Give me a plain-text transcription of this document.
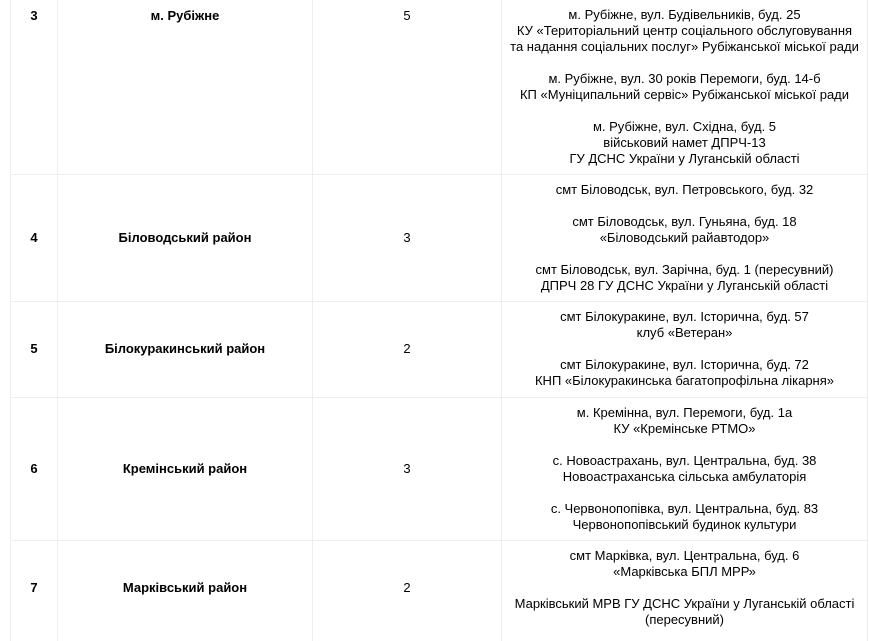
3	м. Рубіжне	5	м. Рубіжне, вул. Будівельників, буд. 25
КУ «Територіальний центр соціального обслуговування
та надання соціальних послуг» Рубіжанської міської ради
м. Рубіжне, вул. 30 років Перемоги, буд. 14-б
КП «Муніципальний сервіс» Рубіжанської міської ради
м. Рубіжне, вул. Східна, буд. 5
військовий намет ДПРЧ-13
ГУ ДСНС України у Луганській області
4	Біловодський район	3
смт Біловодськ, вул. Петровського, буд. 32
смт Біловодськ, вул. Гуньяна, буд. 18
«Біловодський райавтодор»
смт Біловодськ, вул. Зарічна, буд. 1 (пересувний)
ДПРЧ 28 ГУ ДСНС України у Луганській області
5	Білокуракинський район	2
смт Білокуракине, вул. Історична, буд. 57
клуб «Ветеран»
смт Білокуракине, вул. Історична, буд. 72
КНП «Білокуракинська багатопрофільна лікарня»
6	Кремінський район	3
м. Кремінна, вул. Перемоги, буд. 1а
КУ «Кремінське РТМО»
с. Новоастрахань, вул. Центральна, буд. 38
Новоастраханська сільська амбулаторія
с. Червонопопівка, вул. Центральна, буд. 83
Червонопопівський будинок культури
7	Марківський район	2
смт Марківка, вул. Центральна, буд. 6
«Марківська БПЛ МРР»
Марківський МРВ ГУ ДСНС України у Луганській області
(пересувний)
